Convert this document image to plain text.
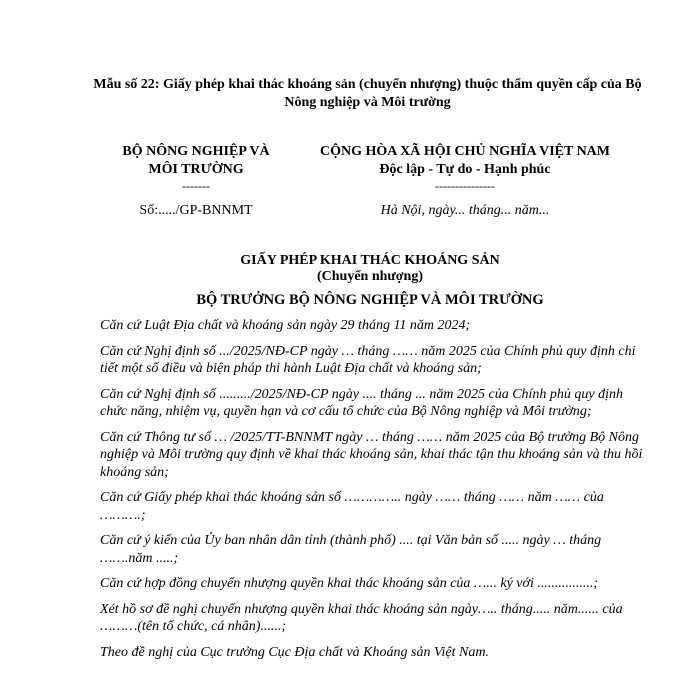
Mẫu số 22: Giấy phép khai thác khoáng sản (chuyển nhượng) thuộc thẩm quyền cấp của Bộ Nông nghiệp và Môi trường
BỘ NÔNG NGHIỆP VÀ
MÔI TRƯỜNG
-------
CỘNG HÒA XÃ HỘI CHỦ NGHĨA VIỆT NAM
Độc lập - Tự do - Hạnh phúc
---------------
Số:...../GP-BNNMT	Hà Nội, ngày... tháng... năm...
GIẤY PHÉP KHAI THÁC KHOÁNG SẢN
(Chuyển nhượng)
BỘ TRƯỞNG BỘ NÔNG NGHIỆP VÀ MÔI TRƯỜNG

Căn cứ Luật Địa chất và khoáng sản ngày 29 tháng 11 năm 2024;

Căn cứ Nghị định số .../2025/NĐ-CP ngày … tháng …… năm 2025 của Chính phủ quy định chi tiết một số điều và biện pháp thi hành Luật Địa chất và khoáng sản;

Căn cứ Nghị định số ........./2025/NĐ-CP ngày .... tháng ... năm 2025 của Chính phủ quy định chức năng, nhiệm vụ, quyền hạn và cơ cấu tổ chức của Bộ Nông nghiệp và Môi trường;

Căn cứ Thông tư số … /2025/TT-BNNMT ngày … tháng …… năm 2025 của Bộ trưởng Bộ Nông nghiệp và Môi trường quy định về khai thác khoáng sản, khai thác tận thu khoáng sản và thu hồi khoáng sản;

Căn cứ Giấy phép khai thác khoáng sản số ………….. ngày …… tháng …… năm …… của ……….;

Căn cứ ý kiến của Ủy ban nhân dân tỉnh (thành phố) .... tại Văn bản số ..... ngày … tháng …….năm .....;

Căn cứ hợp đồng chuyển nhượng quyền khai thác khoáng sản của …... ký với ................;

Xét hồ sơ đề nghị chuyển nhượng quyền khai thác khoáng sản ngày….. tháng..... năm...... của ………(tên tổ chức, cá nhân)......;

Theo đề nghị của Cục trưởng Cục Địa chất và Khoáng sản Việt Nam.
